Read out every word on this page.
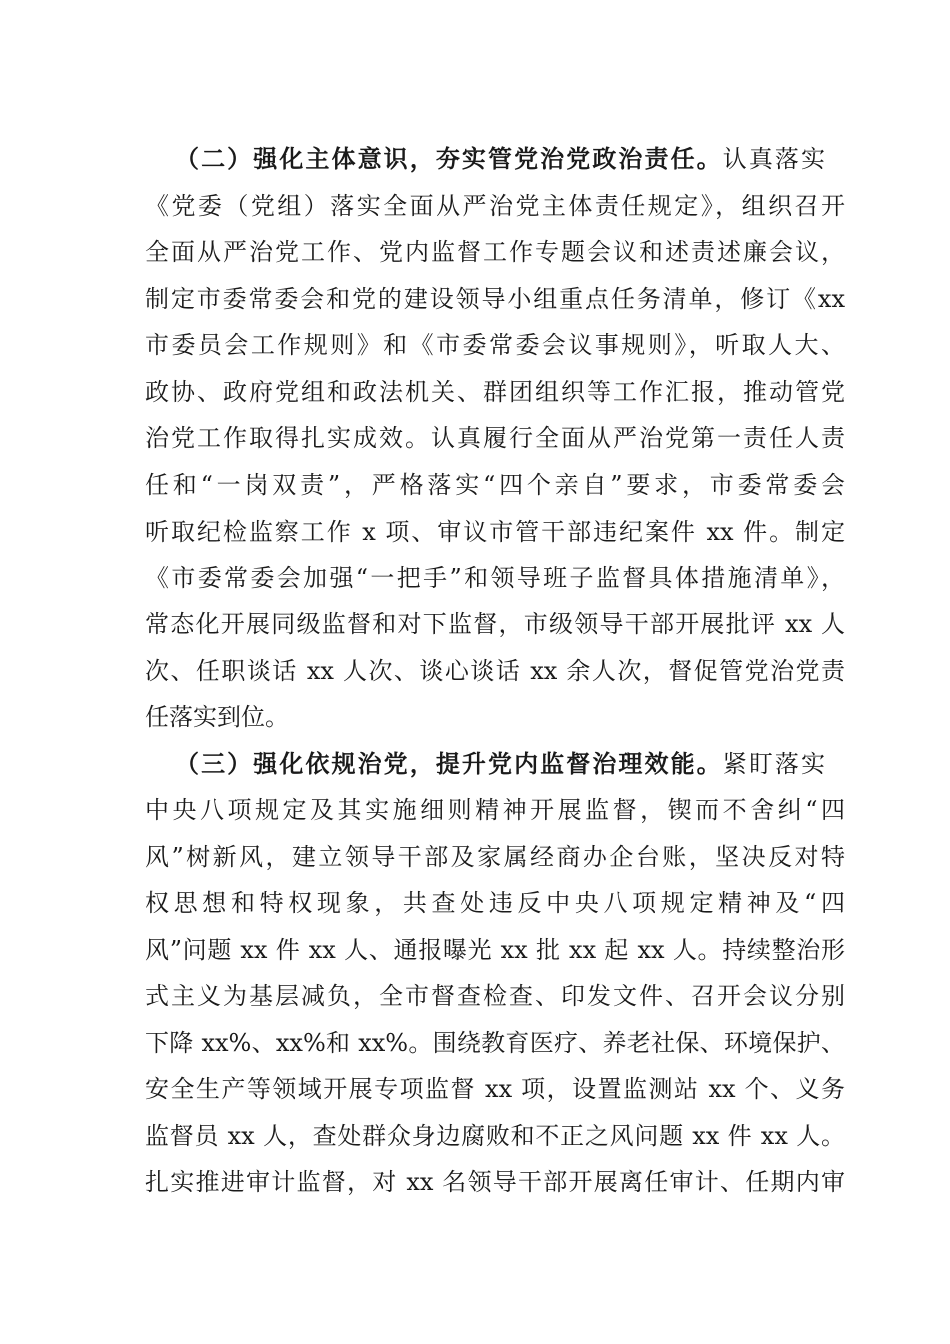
（二）强化主体意识，夯实管党治党政治责任。认真落实

《党委（党组）落实全面从严治党主体责任规定》，组织召开

全面从严治党工作、党内监督工作专题会议和述责述廉会议，

制定市委常委会和党的建设领导小组重点任务清单，修订《xx

市委员会工作规则》和《市委常委会议事规则》，听取人大、

政协、政府党组和政法机关、群团组织等工作汇报，推动管党

治党工作取得扎实成效。认真履行全面从严治党第一责任人责

任和“一岗双责”，严格落实“四个亲自”要求，市委常委会

听取纪检监察工作 x 项、审议市管干部违纪案件 xx 件。制定

《市委常委会加强“一把手”和领导班子监督具体措施清单》，

常态化开展同级监督和对下监督，市级领导干部开展批评 xx 人

次、任职谈话 xx 人次、谈心谈话 xx 余人次，督促管党治党责

任落实到位。

（三）强化依规治党，提升党内监督治理效能。紧盯落实

中央八项规定及其实施细则精神开展监督，锲而不舍纠“四

风”树新风，建立领导干部及家属经商办企台账，坚决反对特

权思想和特权现象，共查处违反中央八项规定精神及“四

风”问题 xx 件 xx 人、通报曝光 xx 批 xx 起 xx 人。持续整治形

式主义为基层减负，全市督查检查、印发文件、召开会议分别

下降 xx%、xx%和 xx%。围绕教育医疗、养老社保、环境保护、

安全生产等领域开展专项监督 xx 项，设置监测站 xx 个、义务

监督员 xx 人，查处群众身边腐败和不正之风问题 xx 件 xx 人。

扎实推进审计监督，对 xx 名领导干部开展离任审计、任期内审
